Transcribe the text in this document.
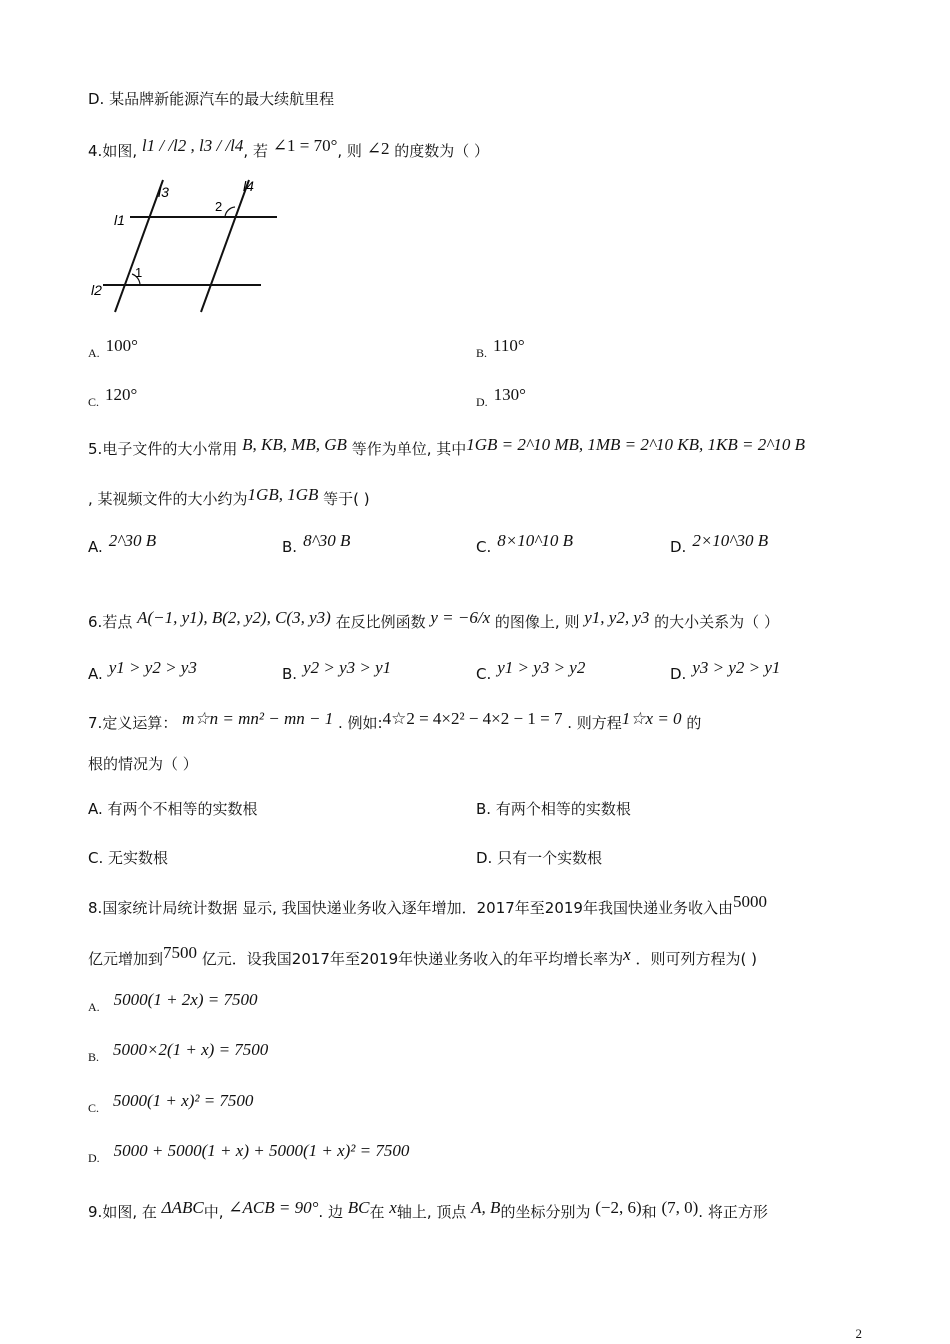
D. 某品牌新能源汽车的最大续航里程
4.如图, l1 / /l2 , l3 / /l4, 若 ∠1 = 70°, 则 ∠2 的度数为（ ）
l3	l4
l1
l2
1
2
A. 100°	B. 110°
C. 120°	D. 130°
5.电子文件的大小常用 B, KB, MB, GB 等作为单位, 其中1GB = 2^10 MB, 1MB = 2^10 KB, 1KB = 2^10 B
, 某视频文件的大小约为1GB, 1GB 等于( )
A. 2^30 B	B. 8^30 B	C. 8×10^10 B	D. 2×10^30 B
6.若点 A(−1, y1), B(2, y2), C(3, y3) 在反比例函数 y = −6/x 的图像上, 则 y1, y2, y3 的大小关系为（ ）
A. y1 > y2 > y3	B. y2 > y3 > y1	C. y1 > y3 > y2	D. y3 > y2 > y1
7.定义运算： m☆n = mn² − mn − 1 . 例如:4☆2 = 4×2² − 4×2 − 1 = 7 . 则方程1☆x = 0 的
根的情况为（ ）
A. 有两个不相等的实数根	B. 有两个相等的实数根
C. 无实数根	D. 只有一个实数根
8.国家统计局统计数据 显示, 我国快递业务收入逐年增加．2017年至2019年我国快递业务收入由5000
亿元增加到7500 亿元．设我国2017年至2019年快递业务收入的年平均增长率为x ．则可列方程为( )
A. 5000(1 + 2x) = 7500
B. 5000×2(1 + x) = 7500
C. 5000(1 + x)² = 7500
D. 5000 + 5000(1 + x) + 5000(1 + x)² = 7500
9.如图, 在 ΔABC中, ∠ACB = 90°. 边 BC在 x轴上, 顶点 A, B的坐标分别为 (−2, 6)和 (7, 0). 将正方形
2
